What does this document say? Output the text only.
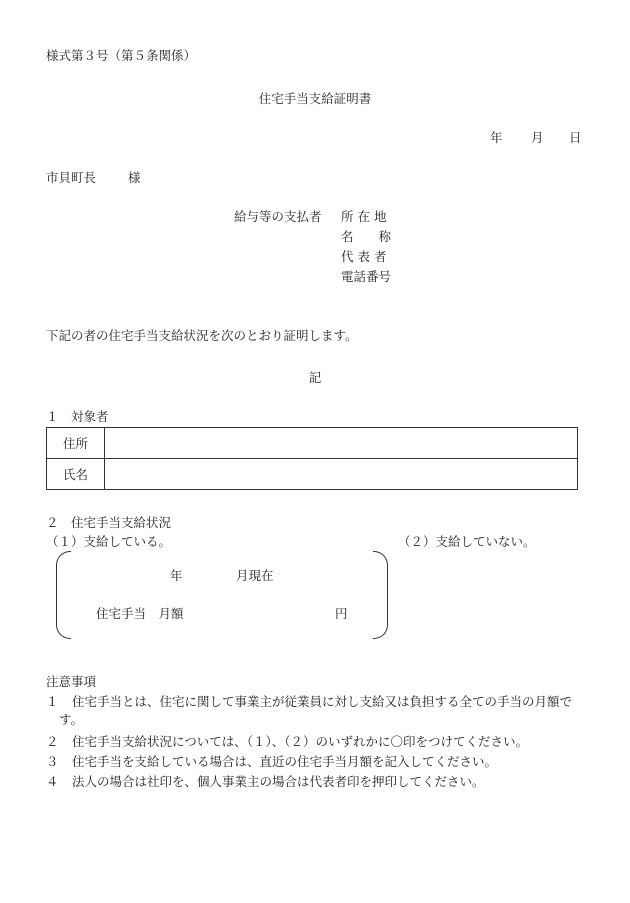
様式第３号（第５条関係）
住宅手当支給証明書
年 月 日
市貝町長	様
給与等の支払者 所 在 地
名　　称
代 表 者
電話番号
下記の者の住宅手当支給状況を次のとおり証明します。
記
１　対象者
住所	
氏名	
２　住宅手当支給状況
（１）支給している。	（２）支給していない。
年	月現在
住宅手当　月額	円
注意事項
１	住宅手当とは、住宅に関して事業主が従業員に対し支給又は負担する全ての手当の月額です。
２ 住宅手当支給状況については、（１）、（２）のいずれかに〇印をつけてください。
３ 住宅手当を支給している場合は、直近の住宅手当月額を記入してください。
４ 法人の場合は社印を、個人事業主の場合は代表者印を押印してください。
